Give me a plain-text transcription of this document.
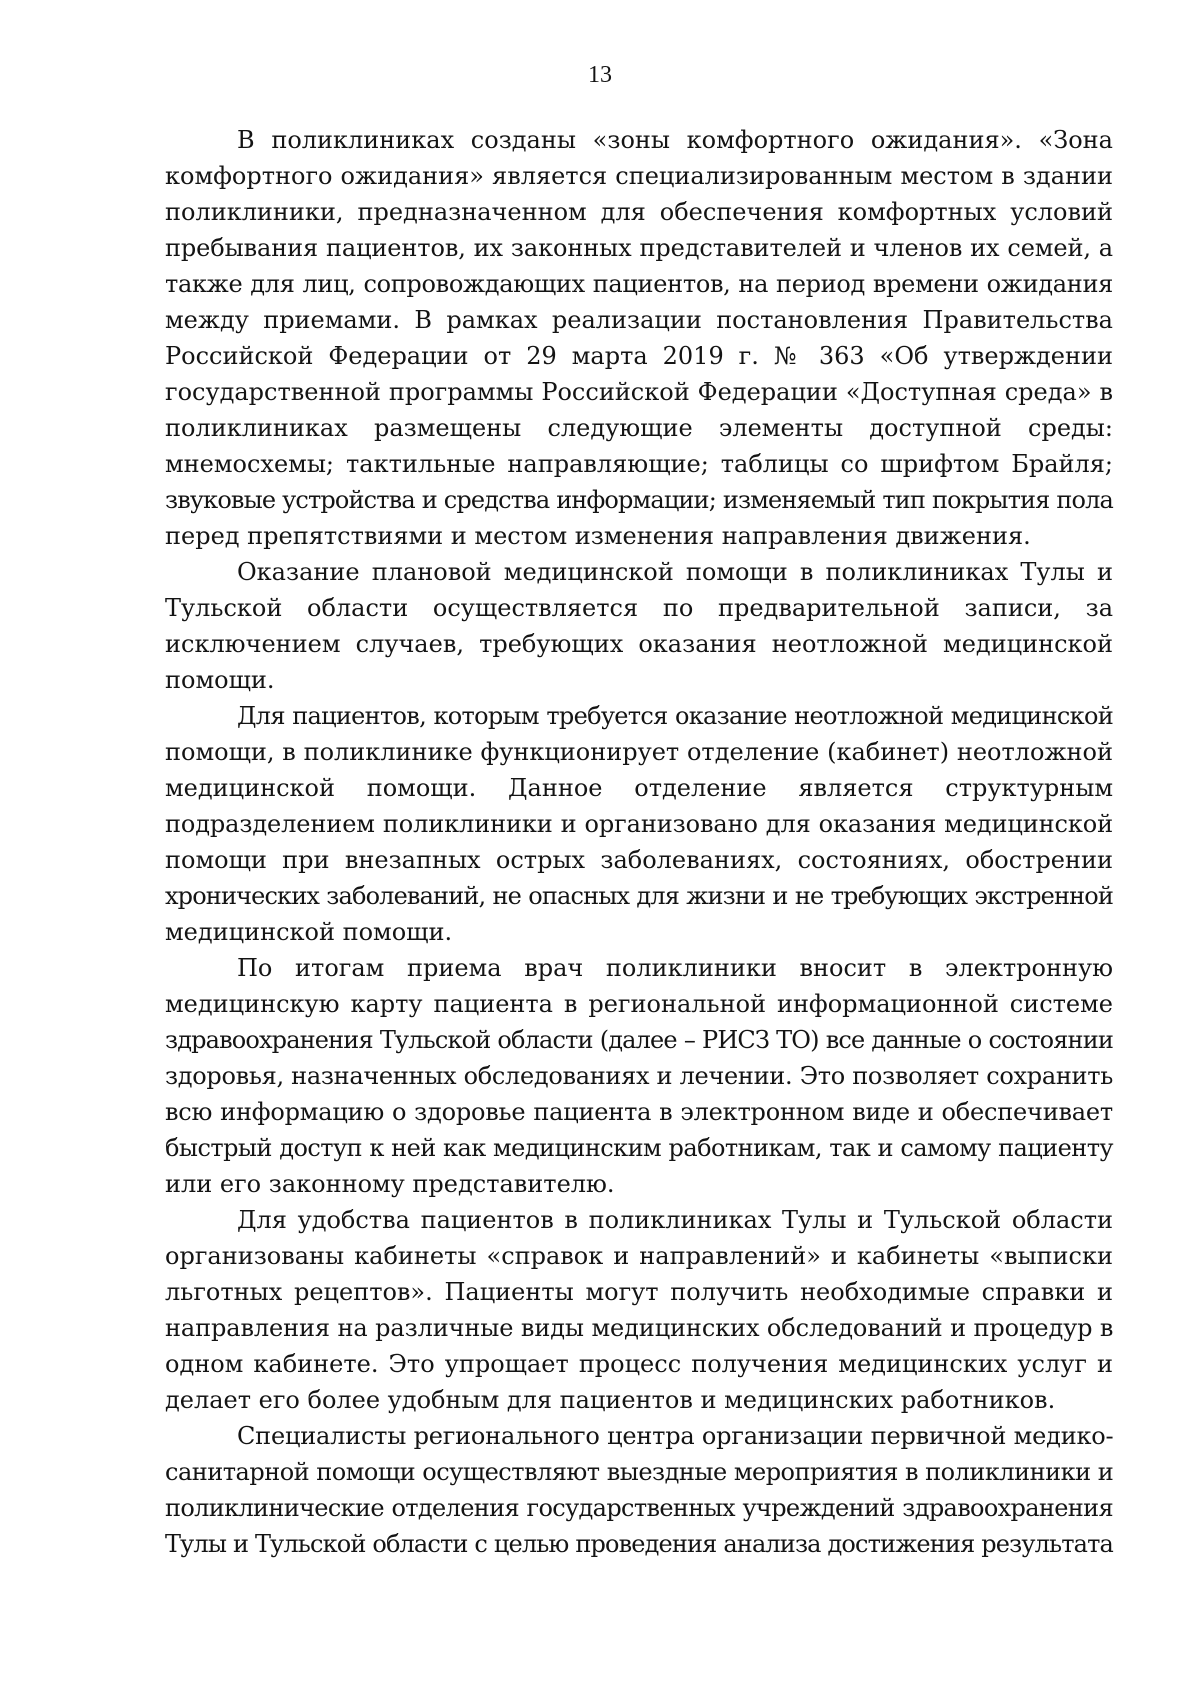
13

В поликлиниках созданы «зоны комфортного ожидания». «Зона
комфортного ожидания» является специализированным местом в здании
поликлиники, предназначенном для обеспечения комфортных условий
пребывания пациентов, их законных представителей и членов их семей, а
также для лиц, сопровождающих пациентов, на период времени ожидания
между приемами. В рамках реализации постановления Правительства
Российской Федерации от 29 марта 2019 г. № 363 «Об утверждении
государственной программы Российской Федерации «Доступная среда» в
поликлиниках размещены следующие элементы доступной среды:
мнемосхемы; тактильные направляющие; таблицы со шрифтом Брайля;
звуковые устройства и средства информации; изменяемый тип покрытия пола
перед препятствиями и местом изменения направления движения.

Оказание плановой медицинской помощи в поликлиниках Тулы и
Тульской области осуществляется по предварительной записи, за
исключением случаев, требующих оказания неотложной медицинской
помощи.

Для пациентов, которым требуется оказание неотложной медицинской
помощи, в поликлинике функционирует отделение (кабинет) неотложной
медицинской помощи. Данное отделение является структурным
подразделением поликлиники и организовано для оказания медицинской
помощи при внезапных острых заболеваниях, состояниях, обострении
хронических заболеваний, не опасных для жизни и не требующих экстренной
медицинской помощи.

По итогам приема врач поликлиники вносит в электронную
медицинскую карту пациента в региональной информационной системе
здравоохранения Тульской области (далее – РИСЗ ТО) все данные о состоянии
здоровья, назначенных обследованиях и лечении. Это позволяет сохранить
всю информацию о здоровье пациента в электронном виде и обеспечивает
быстрый доступ к ней как медицинским работникам, так и самому пациенту
или его законному представителю.

Для удобства пациентов в поликлиниках Тулы и Тульской области
организованы кабинеты «справок и направлений» и кабинеты «выписки
льготных рецептов». Пациенты могут получить необходимые справки и
направления на различные виды медицинских обследований и процедур в
одном кабинете. Это упрощает процесс получения медицинских услуг и
делает его более удобным для пациентов и медицинских работников.

Специалисты регионального центра организации первичной медико-
санитарной помощи осуществляют выездные мероприятия в поликлиники и
поликлинические отделения государственных учреждений здравоохранения
Тулы и Тульской области с целью проведения анализа достижения результата
